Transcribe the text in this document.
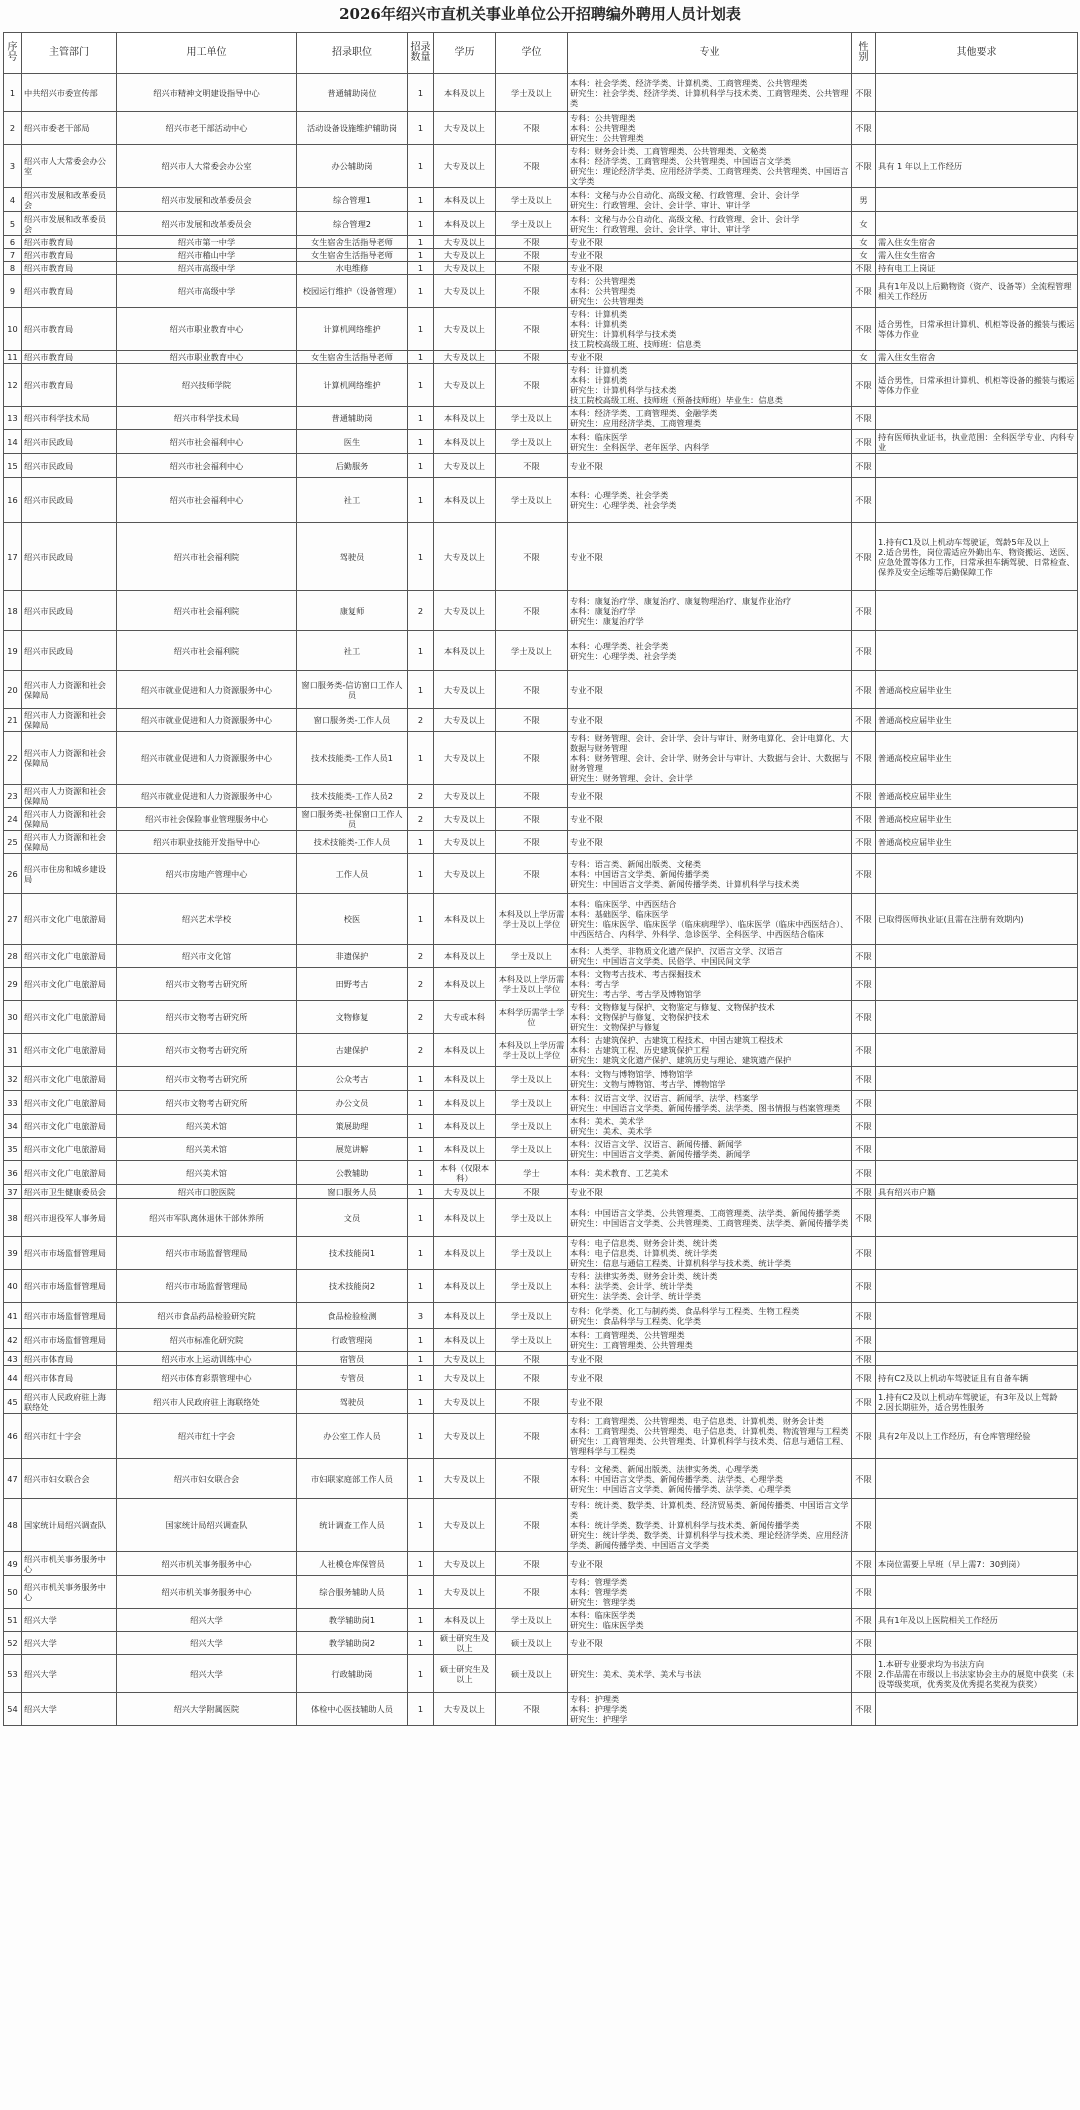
2026年绍兴市直机关事业单位公开招聘编外聘用人员计划表
序号	主管部门	用工单位	招录职位	招录数量	学历	学位	专业	性别	其他要求
1	中共绍兴市委宣传部	绍兴市精神文明建设指导中心	普通辅助岗位	1	本科及以上	学士及以上	本科：社会学类、经济学类、计算机类、工商管理类、公共管理类
研究生：社会学类、经济学类、计算机科学与技术类、工商管理类、公共管理类	不限	
2	绍兴市委老干部局	绍兴市老干部活动中心	活动设备设施维护辅助岗	1	大专及以上	不限	专科：公共管理类
本科：公共管理类
研究生：公共管理类	不限	
3	绍兴市人大常委会办公室	绍兴市人大常委会办公室	办公辅助岗	1	大专及以上	不限	专科：财务会计类、工商管理类、公共管理类、文秘类
本科：经济学类、工商管理类、公共管理类、中国语言文学类
研究生：理论经济学类、应用经济学类、工商管理类、公共管理类、中国语言文学类	不限	具有 1 年以上工作经历
4	绍兴市发展和改革委员会	绍兴市发展和改革委员会	综合管理1	1	本科及以上	学士及以上	本科：文秘与办公自动化、高级文秘、行政管理、会计、会计学
研究生：行政管理、会计、会计学、审计、审计学	男	
5	绍兴市发展和改革委员会	绍兴市发展和改革委员会	综合管理2	1	本科及以上	学士及以上	本科：文秘与办公自动化、高级文秘、行政管理、会计、会计学
研究生：行政管理、会计、会计学、审计、审计学	女	
6	绍兴市教育局	绍兴市第一中学	女生宿舍生活指导老师	1	大专及以上	不限	专业不限	女	需入住女生宿舍
7	绍兴市教育局	绍兴市稽山中学	女生宿舍生活指导老师	1	大专及以上	不限	专业不限	女	需入住女生宿舍
8	绍兴市教育局	绍兴市高级中学	水电维修	1	大专及以上	不限	专业不限	不限	持有电工上岗证
9	绍兴市教育局	绍兴市高级中学	校园运行维护（设备管理）	1	大专及以上	不限	专科：公共管理类
本科：公共管理类
研究生：公共管理类	不限	具有1年及以上后勤物资（资产、设备等）全流程管理相关工作经历
10	绍兴市教育局	绍兴市职业教育中心	计算机网络维护	1	大专及以上	不限	专科：计算机类
本科：计算机类
研究生：计算机科学与技术类
技工院校高级工班、技师班：信息类	不限	适合男性，日常承担计算机、机柜等设备的搬装与搬运等体力作业
11	绍兴市教育局	绍兴市职业教育中心	女生宿舍生活指导老师	1	大专及以上	不限	专业不限	女	需入住女生宿舍
12	绍兴市教育局	绍兴技师学院	计算机网络维护	1	大专及以上	不限	专科：计算机类
本科：计算机类
研究生：计算机科学与技术类
技工院校高级工班、技师班（预备技师班）毕业生：信息类	不限	适合男性，日常承担计算机、机柜等设备的搬装与搬运等体力作业
13	绍兴市科学技术局	绍兴市科学技术局	普通辅助岗	1	本科及以上	学士及以上	本科：经济学类、工商管理类、金融学类
研究生：应用经济学类、工商管理类	不限	
14	绍兴市民政局	绍兴市社会福利中心	医生	1	本科及以上	学士及以上	本科：临床医学
研究生：全科医学、老年医学、内科学	不限	持有医师执业证书，执业范围：全科医学专业、内科专业
15	绍兴市民政局	绍兴市社会福利中心	后勤服务	1	大专及以上	不限	专业不限	不限	
16	绍兴市民政局	绍兴市社会福利中心	社工	1	本科及以上	学士及以上	本科：心理学类、社会学类
研究生：心理学类、社会学类	不限	
17	绍兴市民政局	绍兴市社会福利院	驾驶员	1	大专及以上	不限	专业不限	不限	1.持有C1及以上机动车驾驶证，驾龄5年及以上
2.适合男性，岗位需适应外勤出车、物资搬运、送医、应急处置等体力工作，日常承担车辆驾驶、日常检查、保养及安全运维等后勤保障工作
18	绍兴市民政局	绍兴市社会福利院	康复师	2	大专及以上	不限	专科：康复治疗学、康复治疗、康复物理治疗、康复作业治疗
本科：康复治疗学
研究生：康复治疗学	不限	
19	绍兴市民政局	绍兴市社会福利院	社工	1	本科及以上	学士及以上	本科：心理学类、社会学类
研究生：心理学类、社会学类	不限	
20	绍兴市人力资源和社会保障局	绍兴市就业促进和人力资源服务中心	窗口服务类-信访窗口工作人员	1	大专及以上	不限	专业不限	不限	普通高校应届毕业生
21	绍兴市人力资源和社会保障局	绍兴市就业促进和人力资源服务中心	窗口服务类-工作人员	2	大专及以上	不限	专业不限	不限	普通高校应届毕业生
22	绍兴市人力资源和社会保障局	绍兴市就业促进和人力资源服务中心	技术技能类-工作人员1	1	大专及以上	不限	专科：财务管理、会计、会计学、会计与审计、财务电算化、会计电算化、大数据与财务管理
本科：财务管理、会计、会计学、财务会计与审计、大数据与会计、大数据与财务管理
研究生：财务管理、会计、会计学	不限	普通高校应届毕业生
23	绍兴市人力资源和社会保障局	绍兴市就业促进和人力资源服务中心	技术技能类-工作人员2	2	大专及以上	不限	专业不限	不限	普通高校应届毕业生
24	绍兴市人力资源和社会保障局	绍兴市社会保险事业管理服务中心	窗口服务类-社保窗口工作人员	2	大专及以上	不限	专业不限	不限	普通高校应届毕业生
25	绍兴市人力资源和社会保障局	绍兴市职业技能开发指导中心	技术技能类-工作人员	1	大专及以上	不限	专业不限	不限	普通高校应届毕业生
26	绍兴市住房和城乡建设局	绍兴市房地产管理中心	工作人员	1	大专及以上	不限	专科：语言类、新闻出版类、文秘类
本科：中国语言文学类、新闻传播学类
研究生：中国语言文学类、新闻传播学类、计算机科学与技术类	不限	
27	绍兴市文化广电旅游局	绍兴艺术学校	校医	1	本科及以上	本科及以上学历需学士及以上学位	本科：临床医学、中西医结合
本科：基础医学、临床医学
研究生：临床医学、临床医学（临床病理学）、临床医学（临床中西医结合）、中西医结合、内科学、外科学、急诊医学、全科医学、中西医结合临床	不限	已取得医师执业证(且需在注册有效期内)
28	绍兴市文化广电旅游局	绍兴市文化馆	非遗保护	2	本科及以上	学士及以上	本科：人类学、非物质文化遗产保护、汉语言文学、汉语言
研究生：中国语言文学类、民俗学、中国民间文学	不限	
29	绍兴市文化广电旅游局	绍兴市文物考古研究所	田野考古	2	本科及以上	本科及以上学历需学士及以上学位	本科：文物考古技术、考古探掘技术
本科：考古学
研究生：考古学、考古学及博物馆学	不限	
30	绍兴市文化广电旅游局	绍兴市文物考古研究所	文物修复	2	大专或本科	本科学历需学士学位	专科：文物修复与保护、文物鉴定与修复、文物保护技术
本科：文物保护与修复、文物保护技术
研究生：文物保护与修复	不限	
31	绍兴市文化广电旅游局	绍兴市文物考古研究所	古建保护	2	本科及以上	本科及以上学历需学士及以上学位	本科：古建筑保护、古建筑工程技术、中国古建筑工程技术
本科：古建筑工程、历史建筑保护工程
研究生：建筑文化遗产保护、建筑历史与理论、建筑遗产保护	不限	
32	绍兴市文化广电旅游局	绍兴市文物考古研究所	公众考古	1	本科及以上	学士及以上	本科：文物与博物馆学、博物馆学
研究生：文物与博物馆、考古学、博物馆学	不限	
33	绍兴市文化广电旅游局	绍兴市文物考古研究所	办公文员	1	本科及以上	学士及以上	本科：汉语言文学、汉语言、新闻学、法学、档案学
研究生：中国语言文学类、新闻传播学类、法学类、图书情报与档案管理类	不限	
34	绍兴市文化广电旅游局	绍兴美术馆	策展助理	1	本科及以上	学士及以上	本科：美术、美术学
研究生：美术、美术学	不限	
35	绍兴市文化广电旅游局	绍兴美术馆	展览讲解	1	本科及以上	学士及以上	本科：汉语言文学、汉语言、新闻传播、新闻学
研究生：中国语言文学类、新闻传播学类、新闻学	不限	
36	绍兴市文化广电旅游局	绍兴美术馆	公教辅助	1	本科（仅限本科）	学士	本科：美术教育、工艺美术	不限	
37	绍兴市卫生健康委员会	绍兴市口腔医院	窗口服务人员	1	大专及以上	不限	专业不限	不限	具有绍兴市户籍
38	绍兴市退役军人事务局	绍兴市军队离休退休干部休养所	文员	1	本科及以上	学士及以上	本科：中国语言文学类、公共管理类、工商管理类、法学类、新闻传播学类
研究生：中国语言文学类、公共管理类、工商管理类、法学类、新闻传播学类	不限	
39	绍兴市市场监督管理局	绍兴市市场监督管理局	技术技能岗1	1	本科及以上	学士及以上	专科：电子信息类、财务会计类、统计类
本科：电子信息类、计算机类、统计学类
研究生：信息与通信工程类、计算机科学与技术类、统计学类	不限	
40	绍兴市市场监督管理局	绍兴市市场监督管理局	技术技能岗2	1	本科及以上	学士及以上	专科：法律实务类、财务会计类、统计类
本科：法学类、会计学、统计学类
研究生：法学类、会计学、统计学类	不限	
41	绍兴市市场监督管理局	绍兴市食品药品检验研究院	食品检验检测	3	本科及以上	学士及以上	专科：化学类、化工与制药类、食品科学与工程类、生物工程类
研究生：食品科学与工程类、化学类	不限	
42	绍兴市市场监督管理局	绍兴市标准化研究院	行政管理岗	1	本科及以上	学士及以上	本科：工商管理类、公共管理类
研究生：工商管理类、公共管理类	不限	
43	绍兴市体育局	绍兴市水上运动训练中心	宿管员	1	大专及以上	不限	专业不限	不限	
44	绍兴市体育局	绍兴市体育彩票管理中心	专管员	1	大专及以上	不限	专业不限	不限	持有C2及以上机动车驾驶证且有自备车辆
45	绍兴市人民政府驻上海联络处	绍兴市人民政府驻上海联络处	驾驶员	1	大专及以上	不限	专业不限	不限	1.持有C2及以上机动车驾驶证，有3年及以上驾龄
2.因长期驻外，适合男性服务
46	绍兴市红十字会	绍兴市红十字会	办公室工作人员	1	大专及以上	不限	专科：工商管理类、公共管理类、电子信息类、计算机类、财务会计类
本科：工商管理类、公共管理类、电子信息类、计算机类、物流管理与工程类
研究生：工商管理类、公共管理类、计算机科学与技术类、信息与通信工程、管理科学与工程类	不限	具有2年及以上工作经历，有仓库管理经验
47	绍兴市妇女联合会	绍兴市妇女联合会	市妇联家庭部工作人员	1	大专及以上	不限	专科：文秘类、新闻出版类、法律实务类、心理学类
本科：中国语言文学类、新闻传播学类、法学类、心理学类
研究生：中国语言文学类、新闻传播学类、法学类、心理学类	不限	
48	国家统计局绍兴调查队	国家统计局绍兴调查队	统计调查工作人员	1	大专及以上	不限	专科：统计类、数学类、计算机类、经济贸易类、新闻传播类、中国语言文学类
本科：统计学类、数学类、计算机科学与技术类、新闻传播学类
研究生：统计学类、数学类、计算机科学与技术类、理论经济学类、应用经济学类、新闻传播学类、中国语言文学类	不限	
49	绍兴市机关事务服务中心	绍兴市机关事务服务中心	人社模仓库保管员	1	大专及以上	不限	专业不限	不限	本岗位需要上早班（早上需7：30到岗）
50	绍兴市机关事务服务中心	绍兴市机关事务服务中心	综合服务辅助人员	1	大专及以上	不限	专科：管理学类
本科：管理学类
研究生：管理学类	不限	
51	绍兴大学	绍兴大学	教学辅助岗1	1	本科及以上	学士及以上	本科：临床医学类
研究生：临床医学类	不限	具有1年及以上医院相关工作经历
52	绍兴大学	绍兴大学	教学辅助岗2	1	硕士研究生及以上	硕士及以上	专业不限	不限	
53	绍兴大学	绍兴大学	行政辅助岗	1	硕士研究生及以上	硕士及以上	研究生：美术、美术学、美术与书法	不限	1.本研专业要求均为书法方向
2.作品需在市级以上书法家协会主办的展览中获奖（未设等级奖项，优秀奖及优秀提名奖视为获奖）
54	绍兴大学	绍兴大学附属医院	体检中心医技辅助人员	1	大专及以上	不限	专科：护理类
本科：护理学类
研究生：护理学	不限	
